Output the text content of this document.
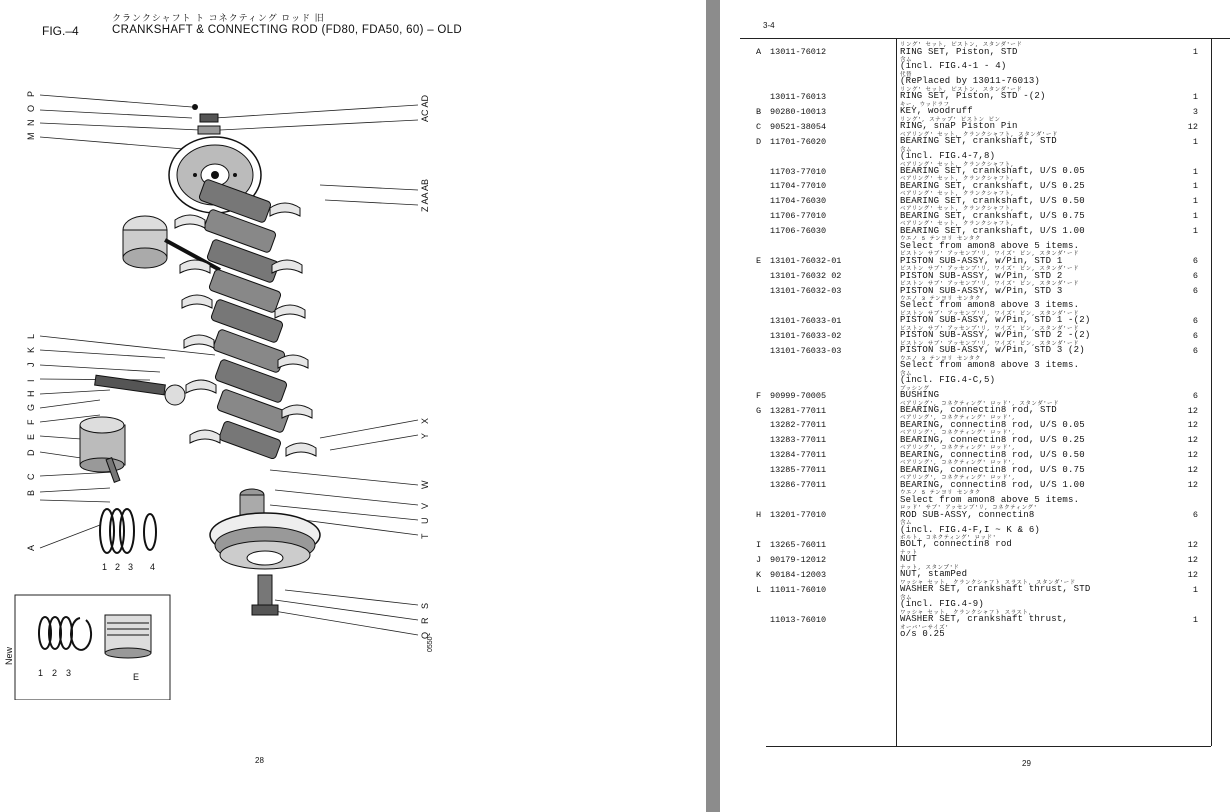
クランクシャフト ト コネクティング ロッド 旧
FIG.–4	CRANKSHAFT & CONNECTING ROD (FD80, FDA50, 60) – OLD
1 2 3 4
1 2 3	E
New
0550
P
O
N
M
L
K
J
I
H
G
F
E
D
C
B
A
AC AD
Z AA AB
X
Y
W
V
U
T
S
R
Q
28
3-4
A	13011-76012
リング' セット, ピストン, スタンダ'ード
RING SET, Piston, STD	1
含ム
(incl. FIG.4-1 - 4)
代替
(RePlaced by 13011-76013)
13011-76013
リング' セット, ピストン, スタンダ'ード
RING SET, Piston, STD -(2)	1
B	90280-10013
キー, ウッドラフ
KEY, woodruff	3
C	90521-38054
リング', スナップ' ピストン ピン
RING, snaP Piston Pin	12
D	11701-76020
ベアリング' セット, クランクシャフト, スタンダ'ード
BEARING SET, crankshaft, STD	1
含ム
(incl. FIG.4-7,8)
11703-77010
ベアリング' セット, クランクシャフト,
BEARING SET, crankshaft, U/S 0.05	1
11704-77010
ベアリング' セット, クランクシャフト,
BEARING SET, crankshaft, U/S 0.25	1
11704-76030
ベアリング' セット, クランクシャフト,
BEARING SET, crankshaft, U/S 0.50	1
11706-77010
ベアリング' セット, クランクシャフト,
BEARING SET, crankshaft, U/S 0.75	1
11706-76030
ベアリング' セット, クランクシャフト,
BEARING SET, crankshaft, U/S 1.00	1
ウエノ 5 テンヨリ センタク
Select from amon8 above 5 items.
E	13101-76032-01
ピストン サブ' アッセンブ'リ, ワイズ' ピン, スタンダ'ード
PISTON SUB-ASSY, w/Pin, STD 1	6
13101-76032 02
ピストン サブ' アッセンブ'リ, ワイズ' ピン, スタンダ'ード
PISTON SUB-ASSY, w/Pin, STD 2	6
13101-76032-03
ピストン サブ' アッセンブ'リ, ワイズ' ピン, スタンダ'ード
PISTON SUB-ASSY, w/Pin, STD 3	6
ウエノ 3 テンヨリ センタク
Select from amon8 above 3 items.
13101-76033-01
ピストン サブ' アッセンブ'リ, ワイズ' ピン, スタンダ'ード
PISTON SUB-ASSY, w/Pin, STD 1 -(2)	6
13101-76033-02
ピストン サブ' アッセンブ'リ, ワイズ' ピン, スタンダ'ード
PISTON SUB-ASSY, w/Pin, STD 2 -(2)	6
13101-76033-03
ピストン サブ' アッセンブ'リ, ワイズ' ピン, スタンダ'ード
PISTON SUB-ASSY, w/Pin, STD 3 (2)	6
ウエノ 3 テンヨリ センタク
Select from amon8 above 3 items.
含ム
(incl. FIG.4-C,5)
F	90999-70005
ブッシング
BUSHING	6
G	13281-77011
ベアリング', コネクティング' ロッド', スタンダ'ード
BEARING, connectin8 rod, STD	12
13282-77011
ベアリング', コネクティング' ロッド',
BEARING, connectin8 rod, U/S 0.05	12
13283-77011
ベアリング', コネクティング' ロッド',
BEARING, connectin8 rod, U/S 0.25	12
13284-77011
ベアリング', コネクティング' ロッド',
BEARING, connectin8 rod, U/S 0.50	12
13285-77011
ベアリング', コネクティング' ロッド',
BEARING, connectin8 rod, U/S 0.75	12
13286-77011
ベアリング', コネクティング' ロッド',
BEARING, connectin8 rod, U/S 1.00	12
ウエノ 5 テンヨリ センタク
Select from amon8 above 5 items.
H	13201-77010
ロッド' サブ' アッセンブ'リ, コネクティング'
ROD SUB-ASSY, connectin8	6
含ム
(incl. FIG.4-F,I ~ K & 6)
I	13265-76011
ボルト, コネクティング' ロッド'
BOLT, connectin8 rod	12
J	90179-12012
ナット
NUT	12
K	90184-12003
ナット, スタンプ'ド
NUT, stamPed	12
L	11011-76010
ワッシャ セット, クランクシャフト スラスト, スタンダ'ード
WASHER SET, crankshaft thrust, STD	1
含ム
(incl. FIG.4-9)
11013-76010
ワッシャ セット, クランクシャフト スラスト,
WASHER SET, crankshaft thrust,	1
オーバ'ーサイズ'
o/s 0.25
29
